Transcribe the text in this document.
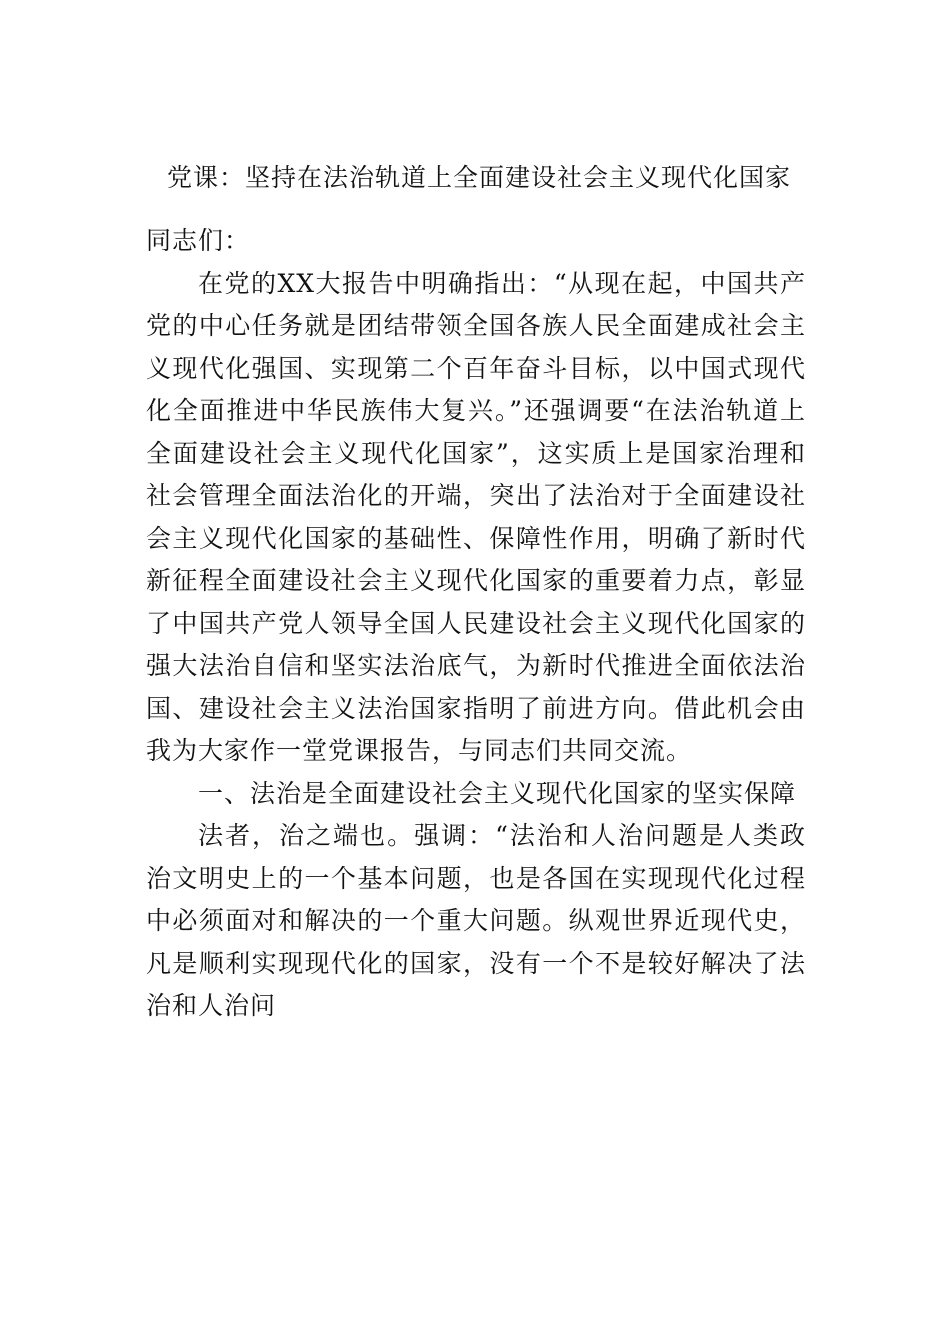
党课：坚持在法治轨道上全面建设社会主义现代化国家

同志们：

在党的XX大报告中明确指出：“从现在起，中国共产党的中心任务就是团结带领全国各族人民全面建成社会主义现代化强国、实现第二个百年奋斗目标，以中国式现代化全面推进中华民族伟大复兴。”还强调要“在法治轨道上全面建设社会主义现代化国家”，这实质上是国家治理和社会管理全面法治化的开端，突出了法治对于全面建设社会主义现代化国家的基础性、保障性作用，明确了新时代新征程全面建设社会主义现代化国家的重要着力点，彰显了中国共产党人领导全国人民建设社会主义现代化国家的强大法治自信和坚实法治底气，为新时代推进全面依法治国、建设社会主义法治国家指明了前进方向。借此机会由我为大家作一堂党课报告，与同志们共同交流。

一、法治是全面建设社会主义现代化国家的坚实保障

法者，治之端也。强调：“法治和人治问题是人类政治文明史上的一个基本问题，也是各国在实现现代化过程中必须面对和解决的一个重大问题。纵观世界近现代史，凡是顺利实现现代化的国家，没有一个不是较好解决了法治和人治问
